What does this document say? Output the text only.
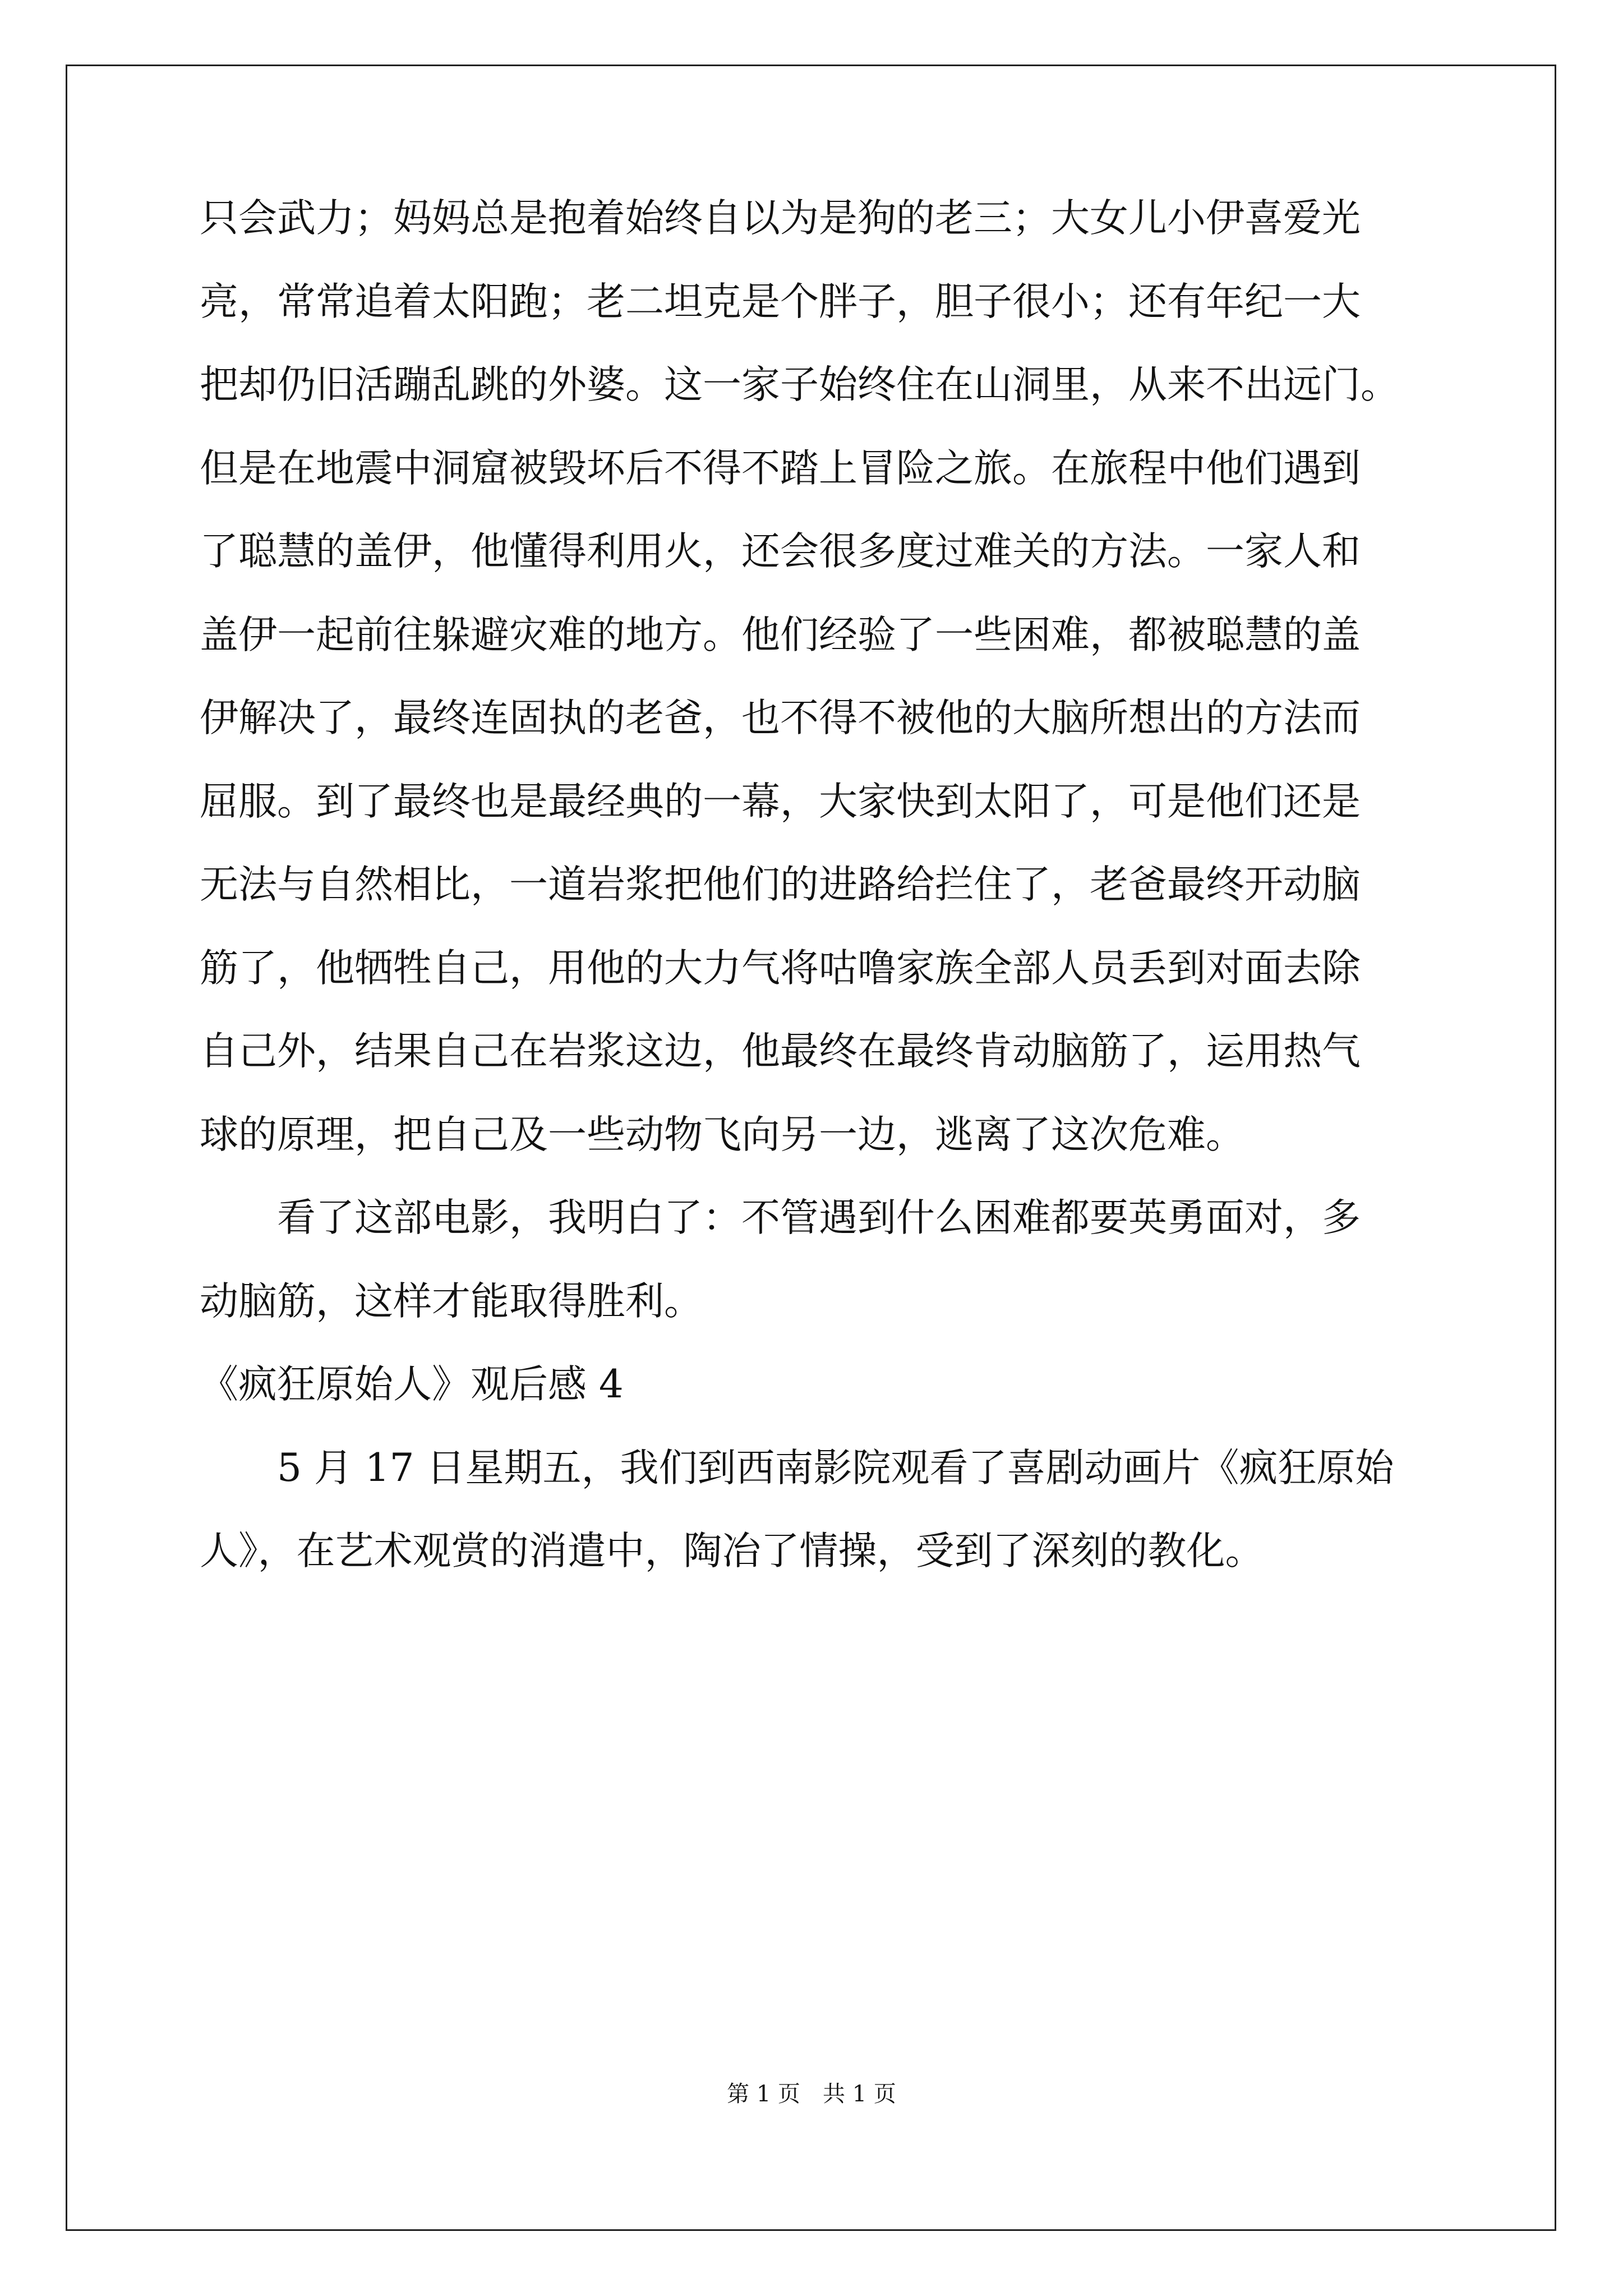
只会武力；妈妈总是抱着始终自以为是狗的老三；大女儿小伊喜爱光
亮，常常追着太阳跑；老二坦克是个胖子，胆子很小；还有年纪一大
把却仍旧活蹦乱跳的外婆。这一家子始终住在山洞里，从来不出远门。
但是在地震中洞窟被毁坏后不得不踏上冒险之旅。在旅程中他们遇到
了聪慧的盖伊，他懂得利用火，还会很多度过难关的方法。一家人和
盖伊一起前往躲避灾难的地方。他们经验了一些困难，都被聪慧的盖
伊解决了，最终连固执的老爸，也不得不被他的大脑所想出的方法而
屈服。到了最终也是最经典的一幕，大家快到太阳了，可是他们还是
无法与自然相比，一道岩浆把他们的进路给拦住了，老爸最终开动脑
筋了，他牺牲自己，用他的大力气将咕噜家族全部人员丢到对面去除
自己外，结果自己在岩浆这边，他最终在最终肯动脑筋了，运用热气
球的原理，把自己及一些动物飞向另一边，逃离了这次危难。
看了这部电影，我明白了：不管遇到什么困难都要英勇面对，多
动脑筋，这样才能取得胜利。
《疯狂原始人》观后感 4
5 月 17 日星期五，我们到西南影院观看了喜剧动画片《疯狂原始
人》，在艺术观赏的消遣中，陶冶了情操，受到了深刻的教化。
第 1 页　共 1 页
